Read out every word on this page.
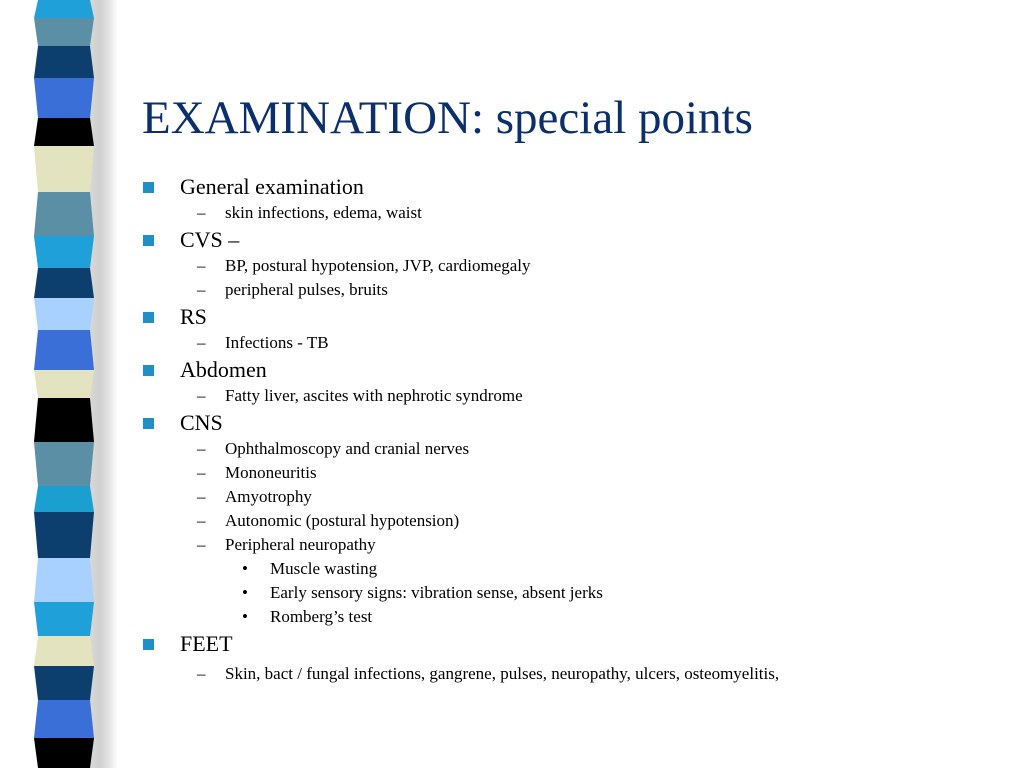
EXAMINATION: special points
General examination
– skin infections, edema, waist
CVS –
– BP, postural hypotension, JVP, cardiomegaly
– peripheral pulses, bruits
RS
– Infections - TB
Abdomen
– Fatty liver, ascites with nephrotic syndrome
CNS
– Ophthalmoscopy and cranial nerves
– Mononeuritis
– Amyotrophy
– Autonomic (postural hypotension)
– Peripheral neuropathy
• Muscle wasting
• Early sensory signs: vibration sense, absent jerks
• Romberg’s test
FEET
– Skin, bact / fungal infections, gangrene, pulses, neuropathy, ulcers, osteomyelitis,
